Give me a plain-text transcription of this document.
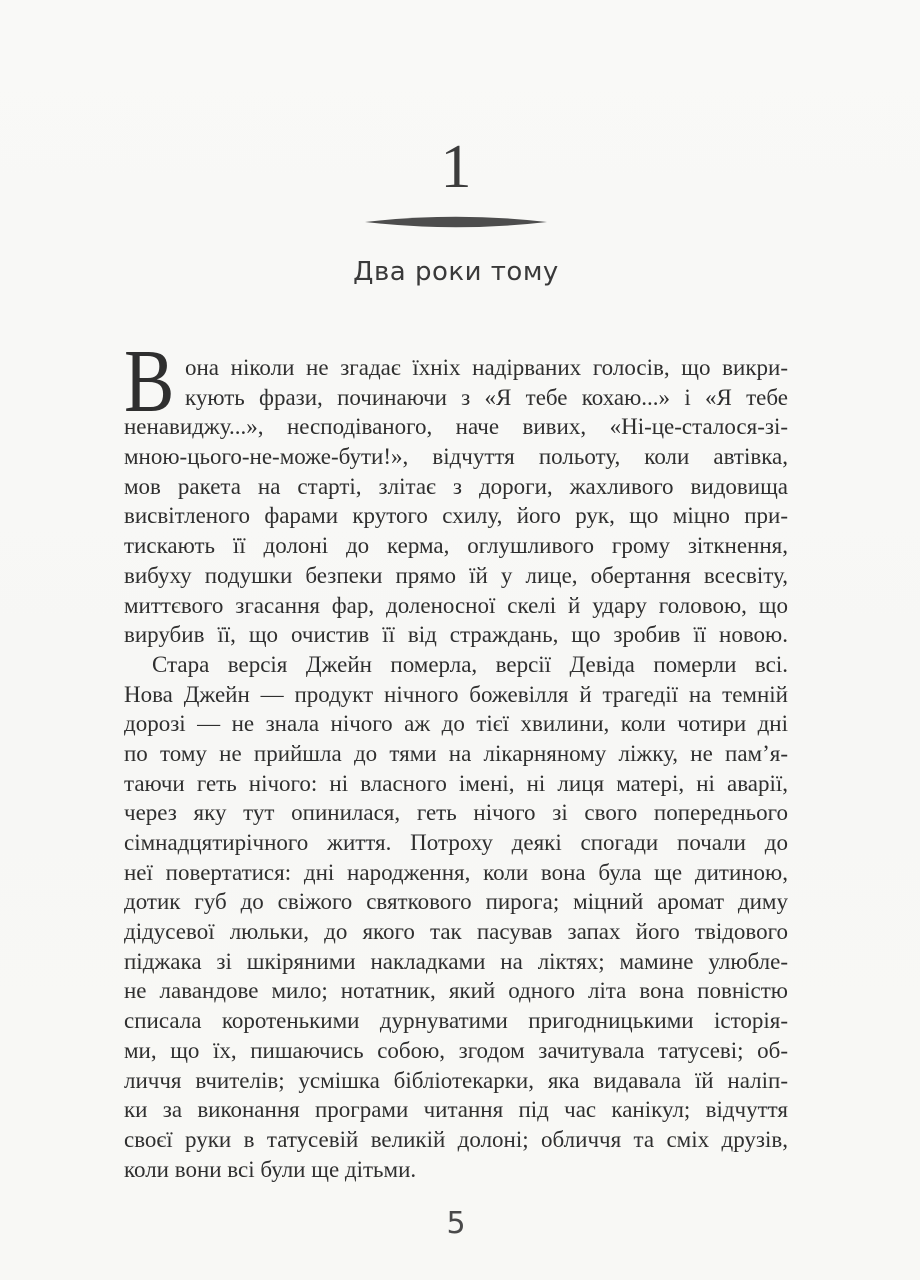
1
Два роки тому
В она ніколи не згадає їхніх надірваних голосів, що викри-
кують фрази, починаючи з «Я тебе кохаю...» і «Я тебе
ненавиджу...», несподіваного, наче вивих, «Ні-це-сталося-зі-
мною-цього-не-може-бути!», відчуття польоту, коли автівка,
мов ракета на старті, злітає з дороги, жахливого видовища
висвітленого фарами крутого схилу, його рук, що міцно при-
тискають її долоні до керма, оглушливого грому зіткнення,
вибуху подушки безпеки прямо їй у лице, обертання всесвіту,
миттєвого згасання фар, доленосної скелі й удару головою, що
вирубив її, що очистив її від страждань, що зробив її новою.
Стара версія Джейн померла, версії Девіда померли всі.
Нова Джейн — продукт нічного божевілля й трагедії на темній
дорозі — не знала нічого аж до тієї хвилини, коли чотири дні
по тому не прийшла до тями на лікарняному ліжку, не пам’я-
таючи геть нічого: ні власного імені, ні лиця матері, ні аварії,
через яку тут опинилася, геть нічого зі свого попереднього
сімнадцятирічного життя. Потроху деякі спогади почали до
неї повертатися: дні народження, коли вона була ще дитиною,
дотик губ до свіжого святкового пирога; міцний аромат диму
дідусевої люльки, до якого так пасував запах його твідового
піджака зі шкіряними накладками на ліктях; мамине улюбле-
не лавандове мило; нотатник, який одного літа вона повністю
списала коротенькими дурнуватими пригодницькими історія-
ми, що їх, пишаючись собою, згодом зачитувала татусеві; об-
личчя вчителів; усмішка бібліотекарки, яка видавала їй наліп-
ки за виконання програми читання під час канікул; відчуття
своєї руки в татусевій великій долоні; обличчя та сміх друзів,
коли вони всі були ще дітьми.
5
